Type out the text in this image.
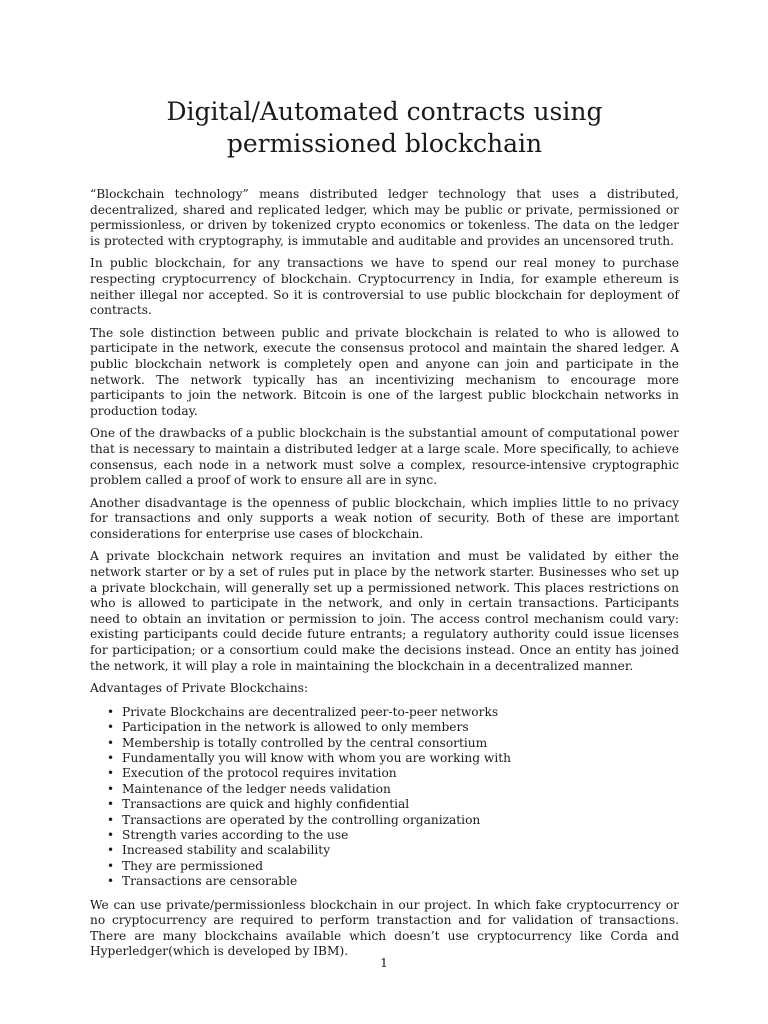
Digital/Automated contracts using permissioned blockchain

“Blockchain technology” means distributed ledger technology that uses a distributed, decentralized, shared and replicated ledger, which may be public or private, permissioned or permissionless, or driven by tokenized crypto economics or tokenless. The data on the ledger is protected with cryptography, is immutable and auditable and provides an uncensored truth.

In public blockchain, for any transactions we have to spend our real money to purchase respecting cryptocurrency of blockchain. Cryptocurrency in India, for example ethereum is neither illegal nor accepted. So it is controversial to use public blockchain for deployment of contracts.

The sole distinction between public and private blockchain is related to who is allowed to participate in the network, execute the consensus protocol and maintain the shared ledger. A public blockchain network is completely open and anyone can join and participate in the network. The network typically has an incentivizing mechanism to encourage more participants to join the network. Bitcoin is one of the largest public blockchain networks in production today.

One of the drawbacks of a public blockchain is the substantial amount of computational power that is necessary to maintain a distributed ledger at a large scale. More specifically, to achieve consensus, each node in a network must solve a complex, resource-intensive cryptographic problem called a proof of work to ensure all are in sync.

Another disadvantage is the openness of public blockchain, which implies little to no privacy for transactions and only supports a weak notion of security. Both of these are important considerations for enterprise use cases of blockchain.

A private blockchain network requires an invitation and must be validated by either the network starter or by a set of rules put in place by the network starter. Businesses who set up a private blockchain, will generally set up a permissioned network. This places restrictions on who is allowed to participate in the network, and only in certain transactions. Participants need to obtain an invitation or permission to join. The access control mechanism could vary: existing participants could decide future entrants; a regulatory authority could issue licenses for participation; or a consortium could make the decisions instead. Once an entity has joined the network, it will play a role in maintaining the blockchain in a decentralized manner.

Advantages of Private Blockchains:

• Private Blockchains are decentralized peer-to-peer networks
• Participation in the network is allowed to only members
• Membership is totally controlled by the central consortium
• Fundamentally you will know with whom you are working with
• Execution of the protocol requires invitation
• Maintenance of the ledger needs validation
• Transactions are quick and highly confidential
• Transactions are operated by the controlling organization
• Strength varies according to the use
• Increased stability and scalability
• They are permissioned
• Transactions are censorable

We can use private/permissionless blockchain in our project. In which fake cryptocurrency or no cryptocurrency are required to perform transtaction and for validation of transactions. There are many blockchains available which doesn’t use cryptocurrency like Corda and Hyperledger(which is developed by IBM).

1
